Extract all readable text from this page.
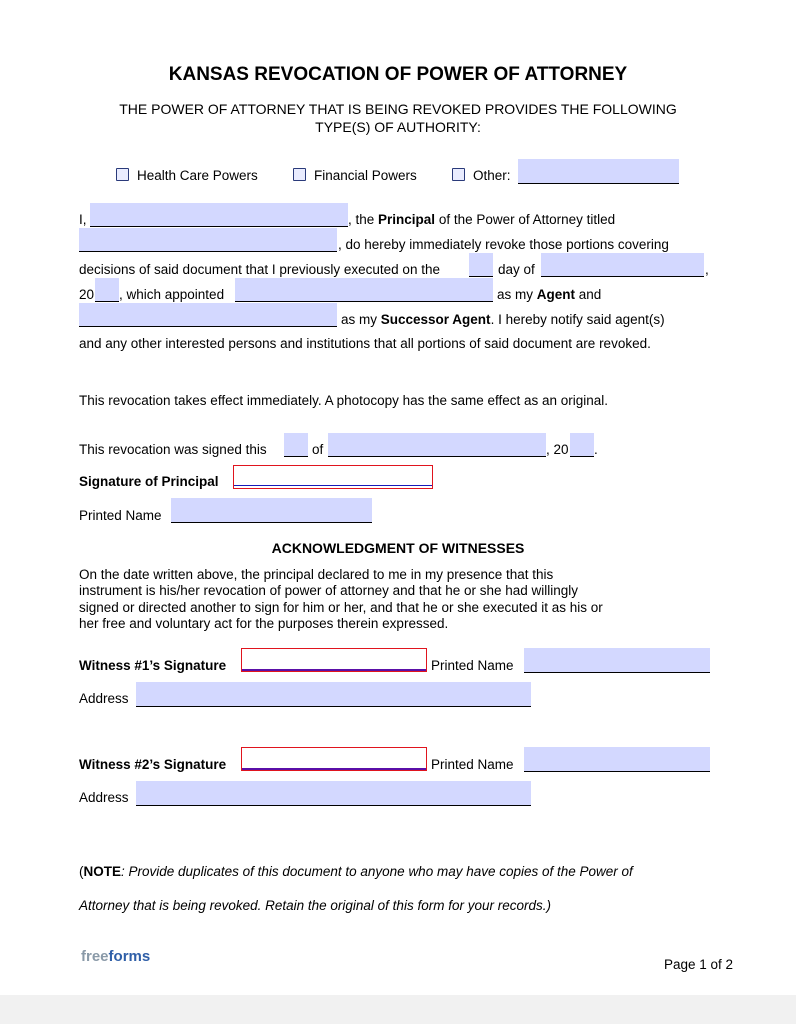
KANSAS REVOCATION OF POWER OF ATTORNEY
THE POWER OF ATTORNEY THAT IS BEING REVOKED PROVIDES THE FOLLOWING
TYPE(S) OF AUTHORITY:
Health Care Powers	Financial Powers	Other:
I,	, the Principal of the Power of Attorney titled
, do hereby immediately revoke those portions covering
decisions of said document that I previously executed on the	day of	,
20 , which appointed	as my Agent and
as my Successor Agent. I hereby notify said agent(s)
and any other interested persons and institutions that all portions of said document are revoked.
This revocation takes effect immediately. A photocopy has the same effect as an original.
This revocation was signed this	of	, 20 .
Signature of Principal
Printed Name
ACKNOWLEDGMENT OF WITNESSES
On the date written above, the principal declared to me in my presence that this
instrument is his/her revocation of power of attorney and that he or she had willingly
signed or directed another to sign for him or her, and that he or she executed it as his or
her free and voluntary act for the purposes therein expressed.
Witness #1’s Signature	Printed Name
Address
Witness #2’s Signature	Printed Name
Address
(NOTE: Provide duplicates of this document to anyone who may have copies of the Power of
Attorney that is being revoked. Retain the original of this form for your records.)
freeforms	Page 1 of 2
